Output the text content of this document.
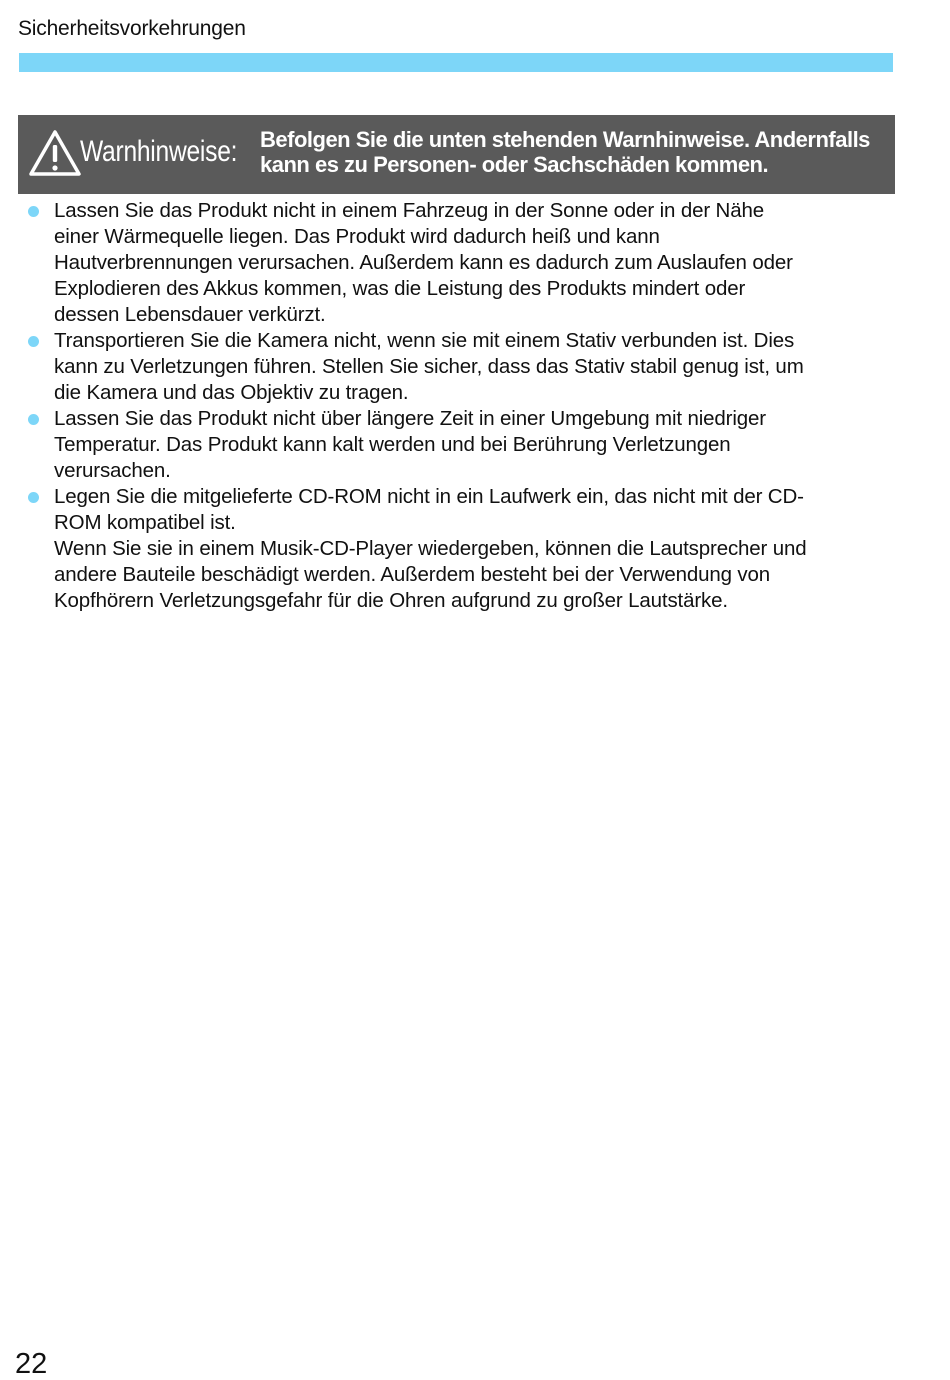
Sicherheitsvorkehrungen
Warnhinweise: Befolgen Sie die unten stehenden Warnhinweise. Andernfalls
kann es zu Personen- oder Sachschäden kommen.
Lassen Sie das Produkt nicht in einem Fahrzeug in der Sonne oder in der Nähe
einer Wärmequelle liegen. Das Produkt wird dadurch heiß und kann
Hautverbrennungen verursachen. Außerdem kann es dadurch zum Auslaufen oder
Explodieren des Akkus kommen, was die Leistung des Produkts mindert oder
dessen Lebensdauer verkürzt.
Transportieren Sie die Kamera nicht, wenn sie mit einem Stativ verbunden ist. Dies
kann zu Verletzungen führen. Stellen Sie sicher, dass das Stativ stabil genug ist, um
die Kamera und das Objektiv zu tragen.
Lassen Sie das Produkt nicht über längere Zeit in einer Umgebung mit niedriger
Temperatur. Das Produkt kann kalt werden und bei Berührung Verletzungen
verursachen.
Legen Sie die mitgelieferte CD-ROM nicht in ein Laufwerk ein, das nicht mit der CD-
ROM kompatibel ist.
Wenn Sie sie in einem Musik-CD-Player wiedergeben, können die Lautsprecher und
andere Bauteile beschädigt werden. Außerdem besteht bei der Verwendung von
Kopfhörern Verletzungsgefahr für die Ohren aufgrund zu großer Lautstärke.
22
